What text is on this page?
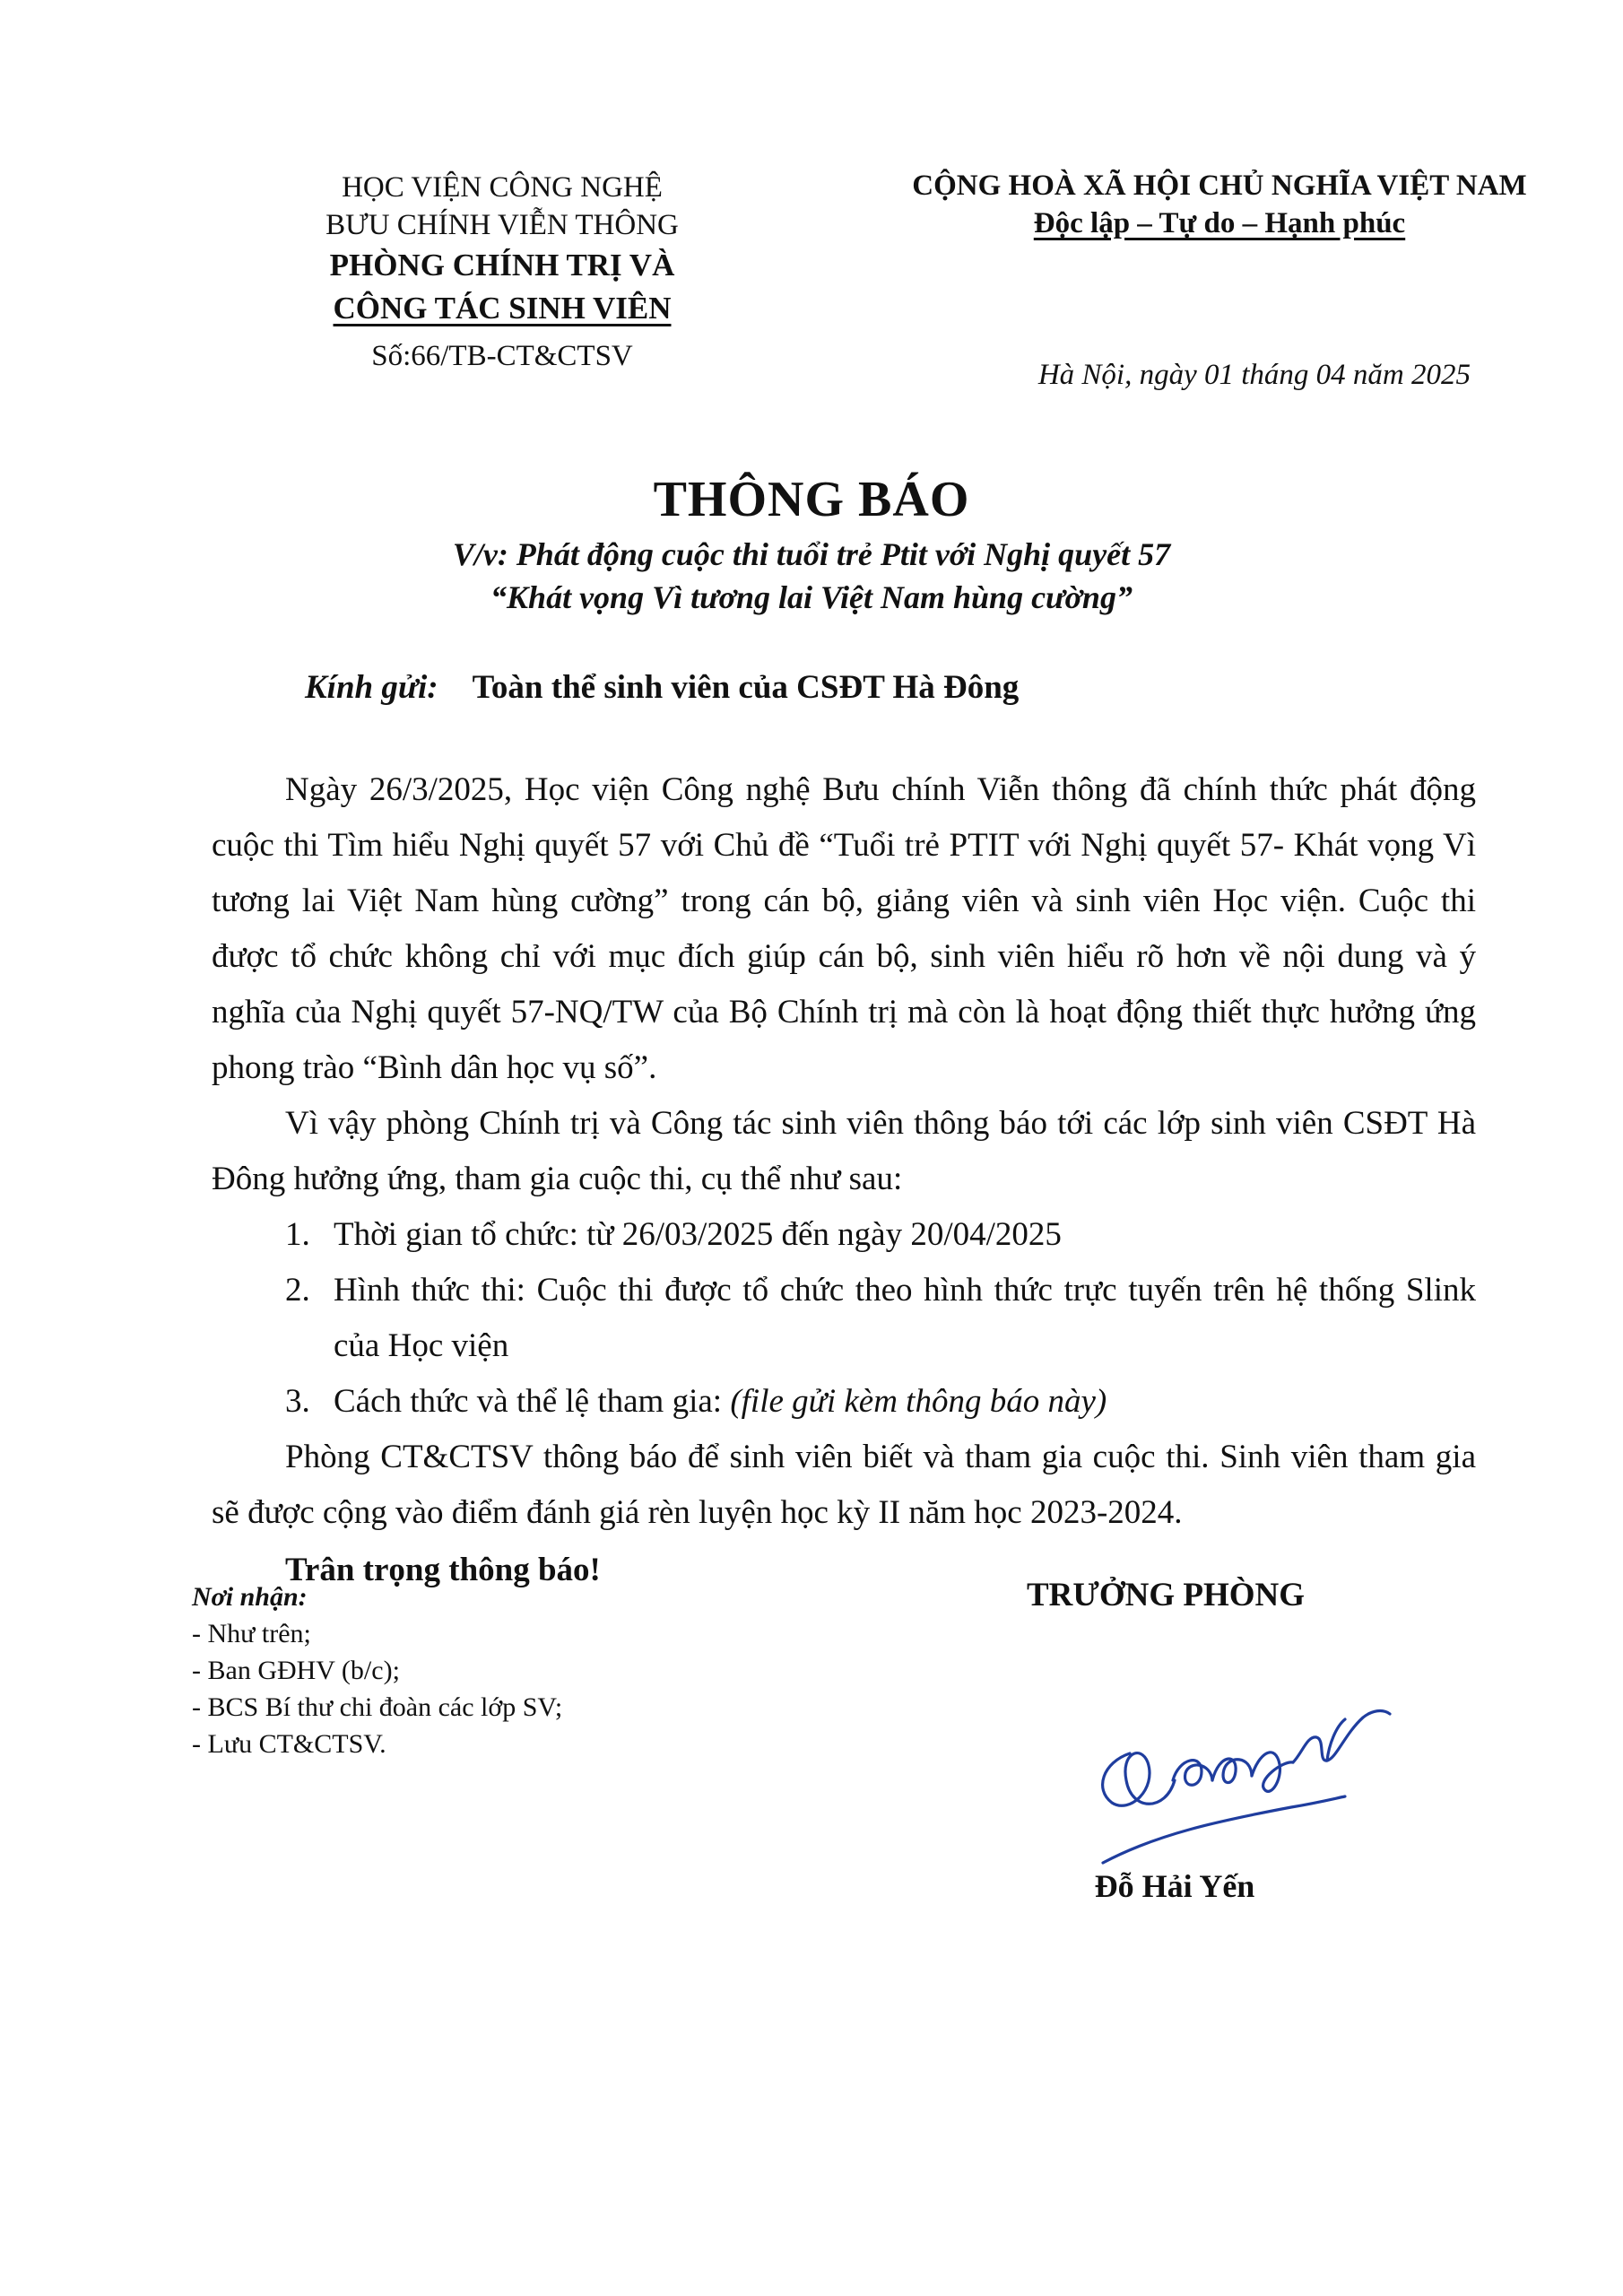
HỌC VIỆN CÔNG NGHỆ
BƯU CHÍNH VIỄN THÔNG
PHÒNG CHÍNH TRỊ VÀ
CÔNG TÁC SINH VIÊN
Số:66/TB-CT&CTSV
CỘNG HOÀ XÃ HỘI CHỦ NGHĨA VIỆT NAM
Độc lập – Tự do – Hạnh phúc
Hà Nội, ngày 01 tháng 04 năm 2025
THÔNG BÁO
V/v: Phát động cuộc thi tuổi trẻ Ptit với Nghị quyết 57
“Khát vọng Vì tương lai Việt Nam hùng cường”
Kính gửi: Toàn thể sinh viên của CSĐT Hà Đông

Ngày 26/3/2025, Học viện Công nghệ Bưu chính Viễn thông đã chính thức phát động cuộc thi Tìm hiểu Nghị quyết 57 với Chủ đề “Tuổi trẻ PTIT với Nghị quyết 57- Khát vọng Vì tương lai Việt Nam hùng cường” trong cán bộ, giảng viên và sinh viên Học viện. Cuộc thi được tổ chức không chỉ với mục đích giúp cán bộ, sinh viên hiểu rõ hơn về nội dung và ý nghĩa của Nghị quyết 57-NQ/TW của Bộ Chính trị mà còn là hoạt động thiết thực hưởng ứng phong trào “Bình dân học vụ số”.

Vì vậy phòng Chính trị và Công tác sinh viên thông báo tới các lớp sinh viên CSĐT Hà Đông hưởng ứng, tham gia cuộc thi, cụ thể như sau:

1. Thời gian tổ chức: từ 26/03/2025 đến ngày 20/04/2025
2. Hình thức thi: Cuộc thi được tổ chức theo hình thức trực tuyến trên hệ thống Slink của Học viện
3. Cách thức và thể lệ tham gia: (file gửi kèm thông báo này)

Phòng CT&CTSV thông báo để sinh viên biết và tham gia cuộc thi. Sinh viên tham gia sẽ được cộng vào điểm đánh giá rèn luyện học kỳ II năm học 2023-2024.

Trân trọng thông báo!

Nơi nhận:
- Như trên;
- Ban GĐHV (b/c);
- BCS Bí thư chi đoàn các lớp SV;
- Lưu CT&CTSV.
TRƯỞNG PHÒNG
Đỗ Hải Yến
